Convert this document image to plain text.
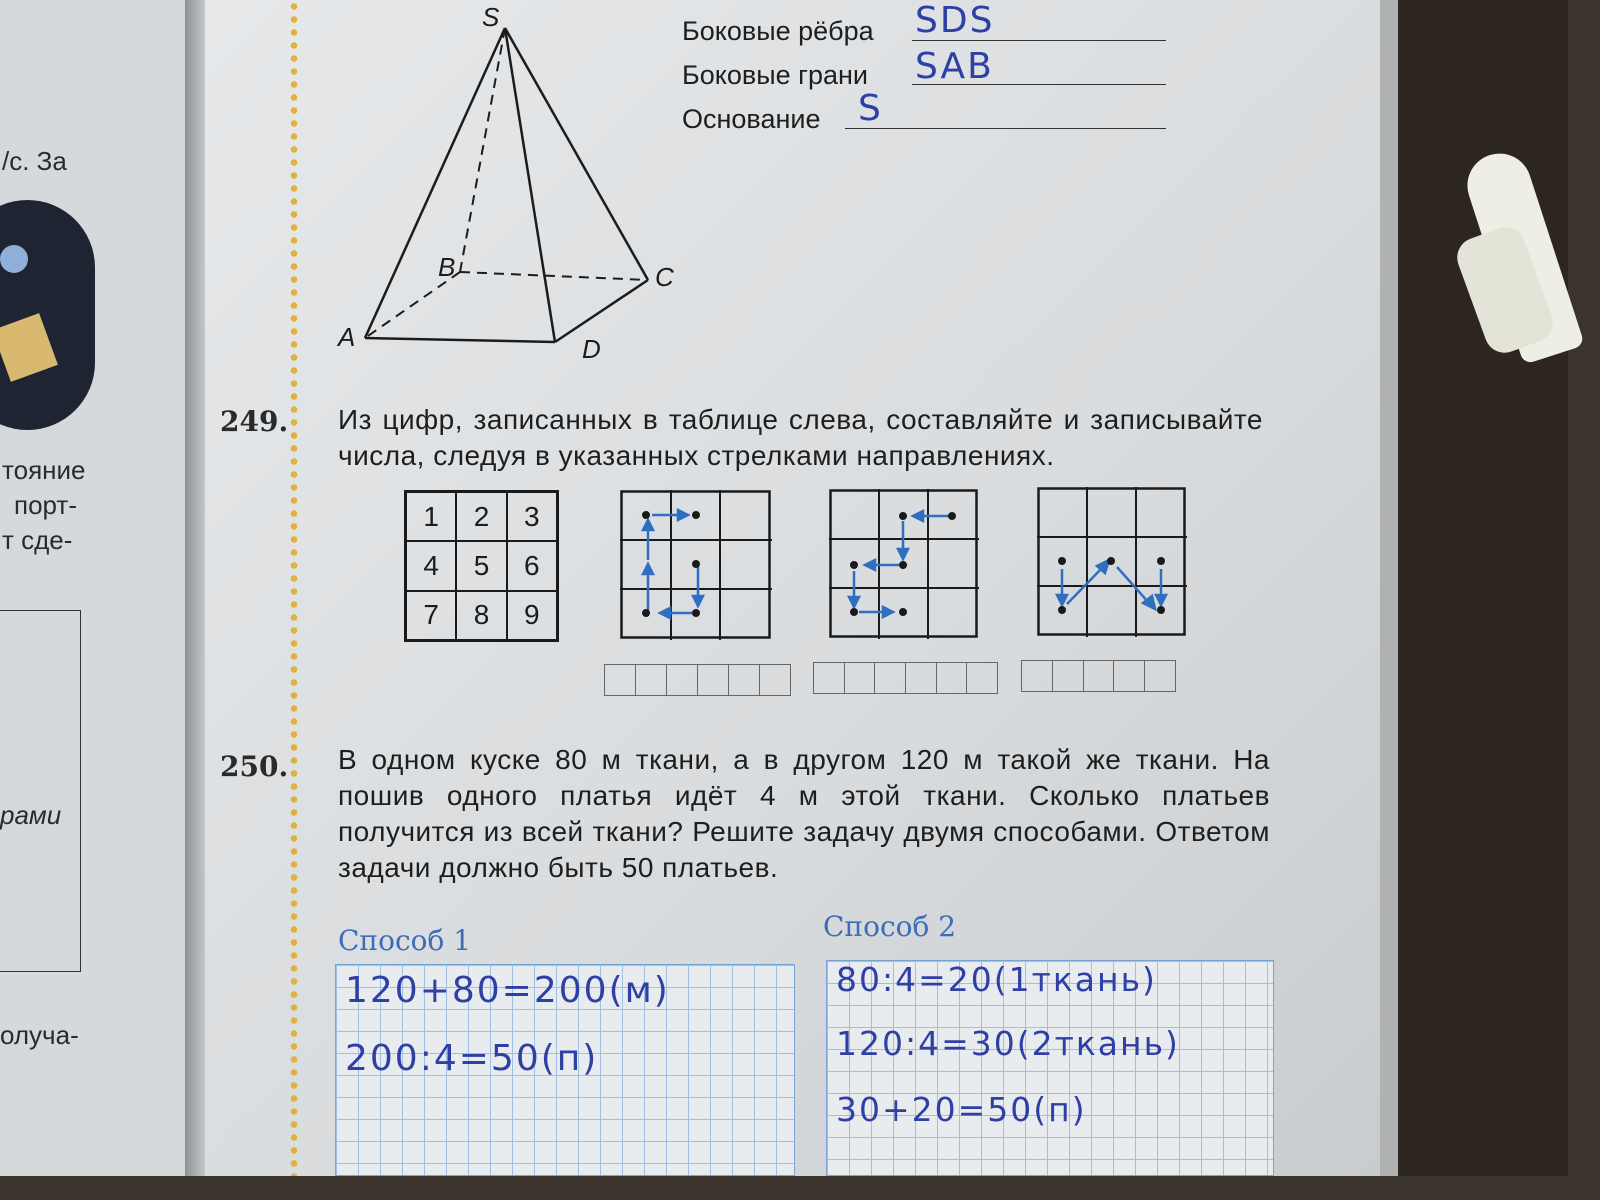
/с. За
тояние
порт-
т сде-
рами
олуча-
S
B	C
A	D
Боковые рёбра SDS
Боковые грани SAB
Основание S
249. Из цифр, записанных в таблице слева, составляйте и записывайте числа, следуя в указанных стрелками направлениях.
1	2	3
4	5	6
7	8	9
250. В одном куске 80 м ткани, а в другом 120 м такой же ткани. На пошив одного платья идёт 4 м этой ткани. Сколько платьев получится из всей ткани? Решите задачу двумя способами. Ответом задачи должно быть 50 платьев.
Способ 1	Способ 2
120+80=200(м)
200:4=50(п)
80:4=20(1ткань)
120:4=30(2ткань)
30+20=50(п)
